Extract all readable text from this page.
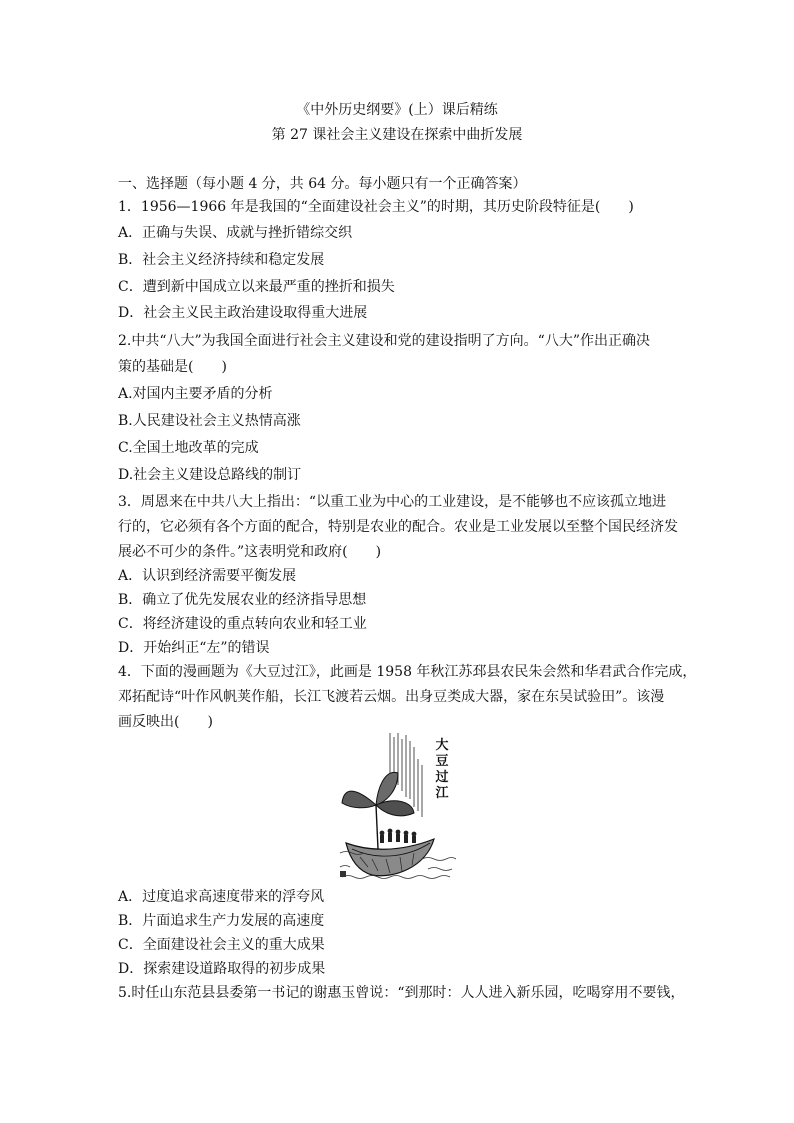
《中外历史纲要》(上）课后精练
第 27 课社会主义建设在探索中曲折发展
一、选择题（每小题 4 分，共 64 分。每小题只有一个正确答案）
1．1956—1966 年是我国的“全面建设社会主义”的时期，其历史阶段特征是(　　)
A．正确与失误、成就与挫折错综交织
B．社会主义经济持续和稳定发展
C．遭到新中国成立以来最严重的挫折和损失
D．社会主义民主政治建设取得重大进展
2.中共“八大”为我国全面进行社会主义建设和党的建设指明了方向。“八大”作出正确决
策的基础是(　　)
A.对国内主要矛盾的分析
B.人民建设社会主义热情高涨
C.全国土地改革的完成
D.社会主义建设总路线的制订
3．周恩来在中共八大上指出：“以重工业为中心的工业建设，是不能够也不应该孤立地进
行的，它必须有各个方面的配合，特别是农业的配合。农业是工业发展以至整个国民经济发
展必不可少的条件。”这表明党和政府(　　)
A．认识到经济需要平衡发展
B．确立了优先发展农业的经济指导思想
C．将经济建设的重点转向农业和轻工业
D．开始纠正“左”的错误
4．下面的漫画题为《大豆过江》，此画是 1958 年秋江苏邳县农民朱会然和华君武合作完成，
邓拓配诗“叶作风帆荚作船，长江飞渡若云烟。出身豆类成大器，家在东吴试验田”。该漫
画反映出(　　)
大
豆
过
江
A．过度追求高速度带来的浮夸风
B．片面追求生产力发展的高速度
C．全面建设社会主义的重大成果
D．探索建设道路取得的初步成果
5.时任山东范县县委第一书记的谢惠玉曾说：“到那时：人人进入新乐园，吃喝穿用不要钱，
